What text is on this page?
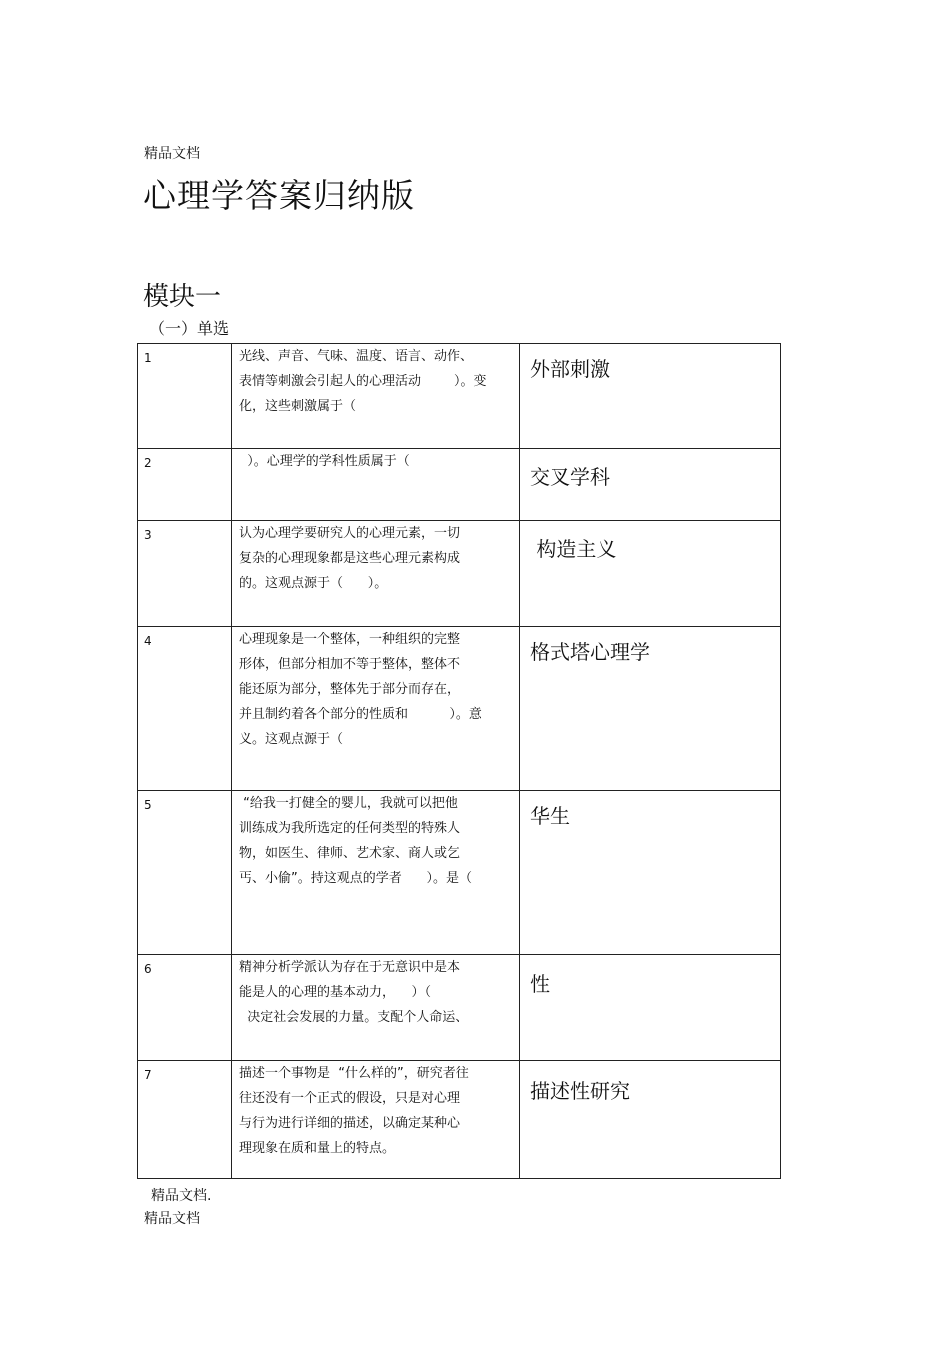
精品文档
心理学答案归纳版
模块一
（一）单选
1	光线、声音、气味、温度、语言、动作、
表情等刺激会引起人的心理活动        ）。变
化，这些刺激属于（	外部刺激

2	）。心理学的学科性质属于（	交叉学科

3	认为心理学要研究人的心理元素，一切
复杂的心理现象都是这些心理元素构成
的。这观点源于（      ）。	构造主义

4	心理现象是一个整体，一种组织的完整
形体，但部分相加不等于整体，整体不
能还原为部分，整体先于部分而存在，
并且制约着各个部分的性质和          ）。意
义。这观点源于（	格式塔心理学

5	“给我一打健全的婴儿，我就可以把他
训练成为我所选定的任何类型的特殊人
物，如医生、律师、艺术家、商人或乞
丐、小偷”。持这观点的学者      ）。是（	华生

6	精神分析学派认为存在于无意识中是本
能是人的心理的基本动力，    ）（
决定社会发展的力量。支配个人命运、	性

7	描述一个事物是  “什么样的”，研究者往
往还没有一个正式的假设，只是对心理
与行为进行详细的描述，以确定某种心
理现象在质和量上的特点。	描述性研究
精品文档.
精品文档
